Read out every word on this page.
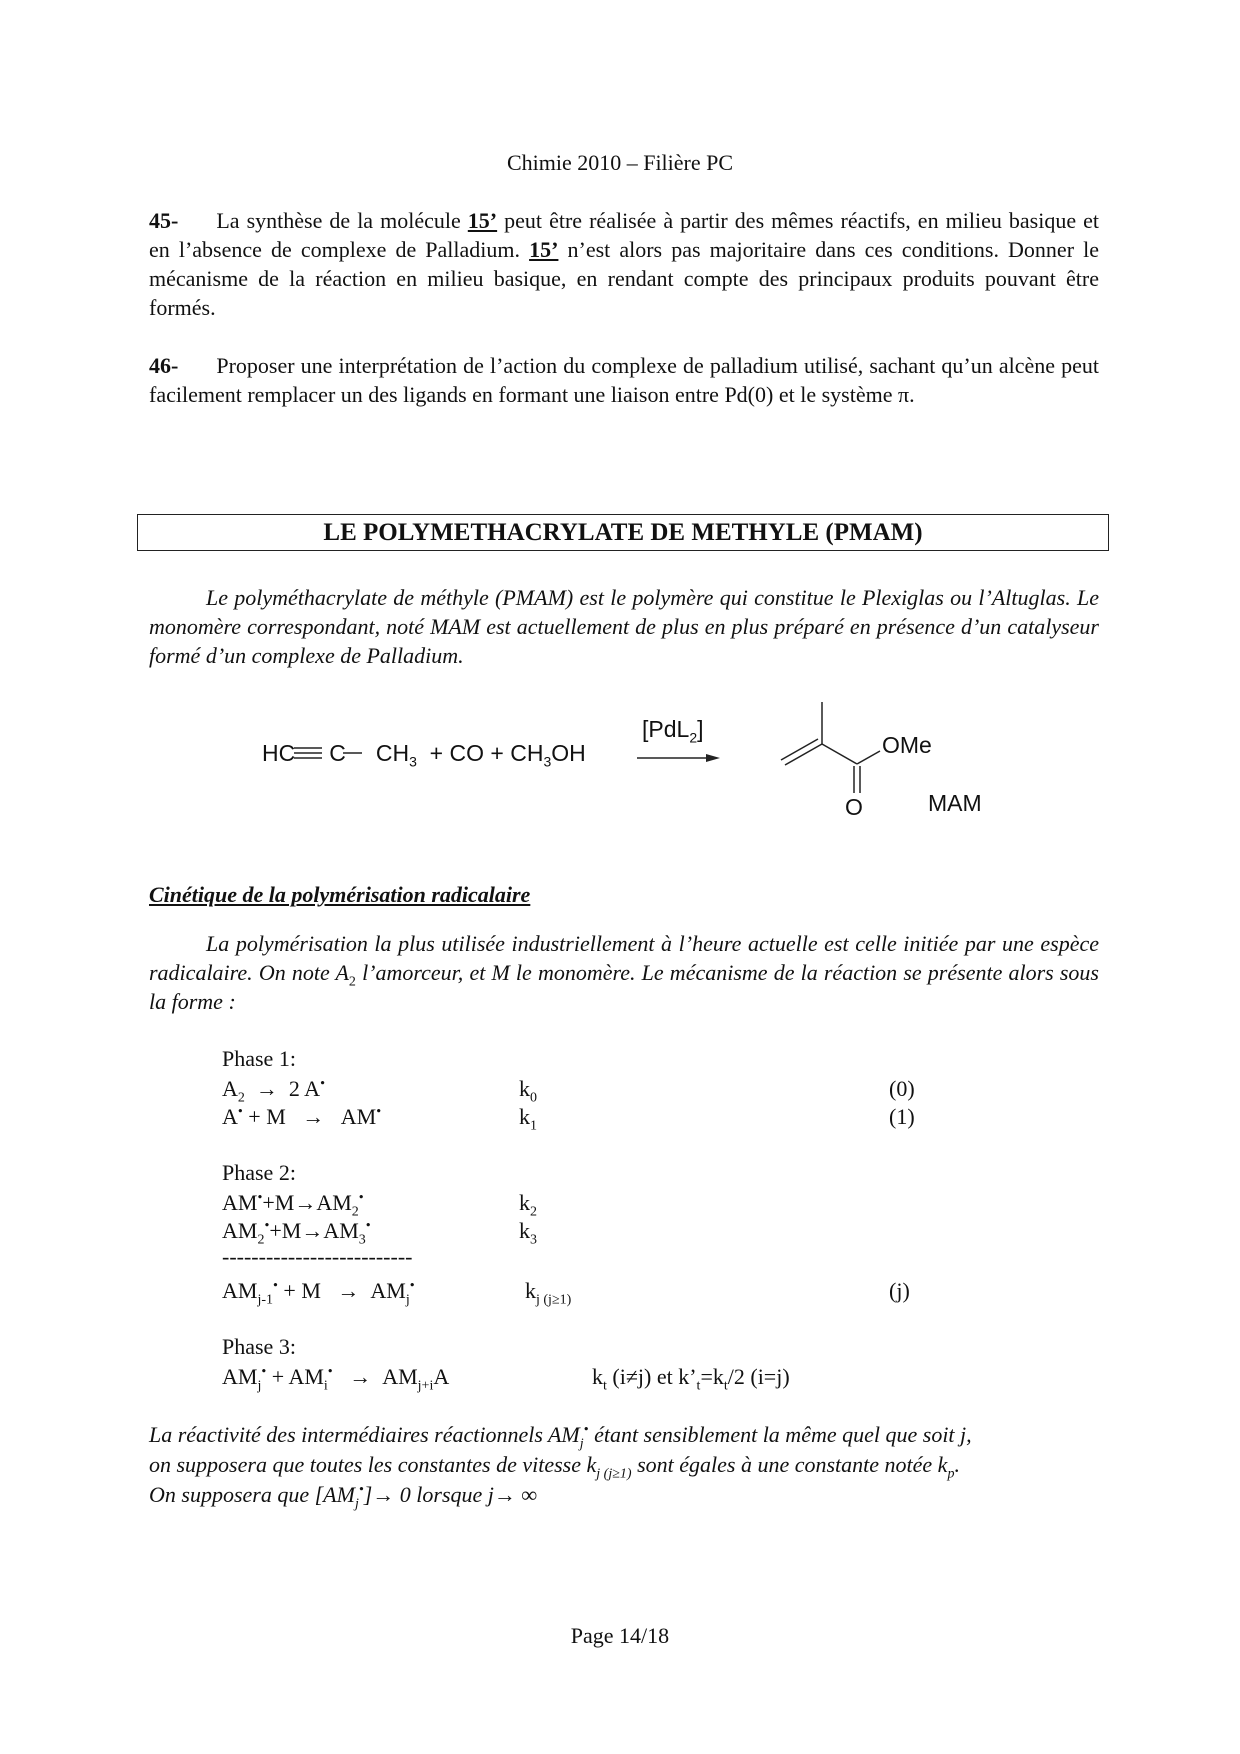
Chimie 2010 – Filière PC
45- La synthèse de la molécule 15’ peut être réalisée à partir des mêmes réactifs, en milieu basique et en l’absence de complexe de Palladium. 15’ n’est alors pas majoritaire dans ces conditions. Donner le mécanisme de la réaction en milieu basique, en rendant compte des principaux produits pouvant être formés.
46- Proposer une interprétation de l’action du complexe de palladium utilisé, sachant qu’un alcène peut facilement remplacer un des ligands en formant une liaison entre Pd(0) et le système π.
LE POLYMETHACRYLATE DE METHYLE (PMAM)
Le polyméthacrylate de méthyle (PMAM) est le polymère qui constitue le Plexiglas ou l’Altuglas. Le monomère correspondant, noté MAM est actuellement de plus en plus préparé en présence d’un catalyseur formé d’un complexe de Palladium.
HC C $CH_3$ + CO + $CH_3OH$
[PdL$_2$]
OMe
O	MAM
Cinétique de la polymérisation radicalaire
La polymérisation la plus utilisée industriellement à l’heure actuelle est celle initiée par une espèce radicalaire. On note $A_2$ l’amorceur, et M le monomère. Le mécanisme de la réaction se présente alors sous la forme :
Phase 1:
$A_2 \to 2$ A•	$k_0$	(0)
A• + M   →   AM•	$k_1$	(1)
Phase 2:
$AM^•+M\to AM_2^•$	$k_2$
$AM_2^•+M\to AM_3^•$	$k_3$
--------------------------
$AM_{j-1}^• + M \to AM_j^•$	$k_{j (j\ge 1)}$	(j)
Phase 3:
$AM_j^• + AM_i^• \to AM_{j+i}A$	$k_t$ (i≠j) et $k’_t=k_t/2$ (i=j)
La réactivité des intermédiaires réactionnels $AM_j^•$ étant sensiblement la même quel que soit j,
on supposera que toutes les constantes de vitesse $k_{j (j\ge 1)}$ sont égales à une constante notée $k_p$.
On supposera que $[AM_j^•]\to 0$ lorsque j→ ∞
Page 14/18
